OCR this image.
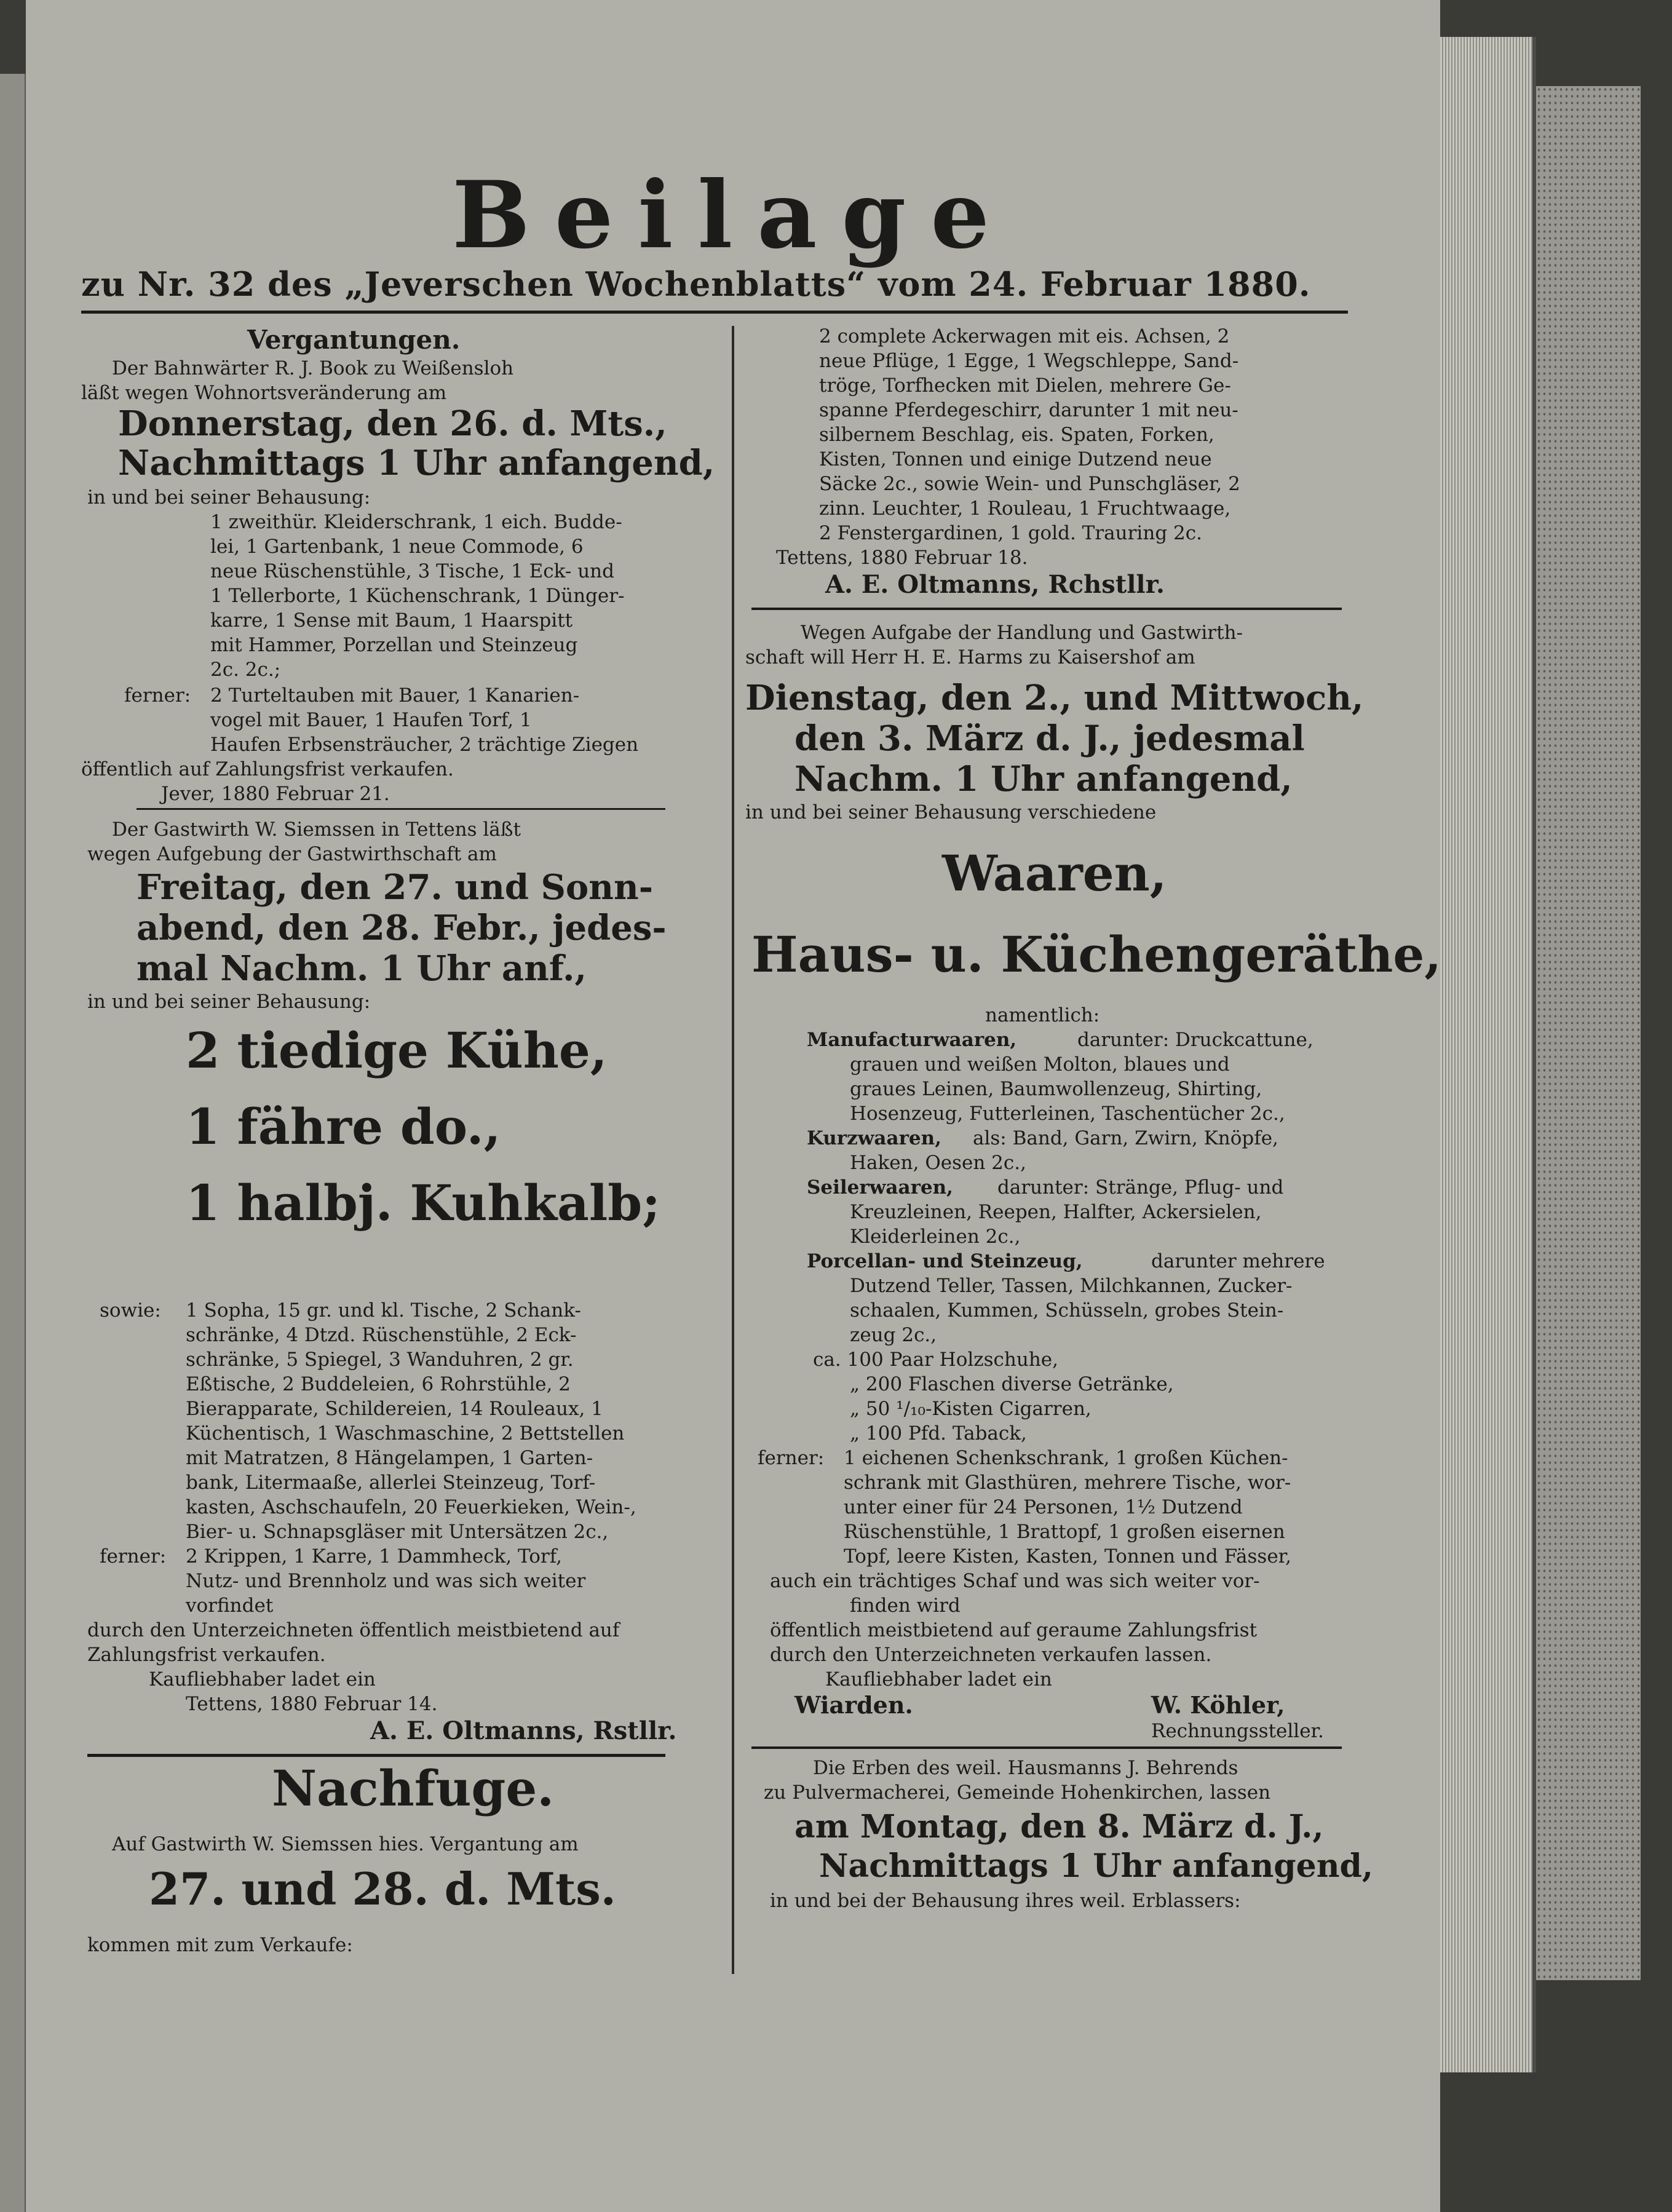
Beilage
zu Nr. 32 des „Jeverschen Wochenblatts“ vom 24. Februar 1880.
Vergantungen.
Der Bahnwärter R. J. Book zu Weißensloh
läßt wegen Wohnortsveränderung am
Donnerstag, den 26. d. Mts.,
Nachmittags 1 Uhr anfangend,
in und bei seiner Behausung:
1 zweithür. Kleiderschrank, 1 eich. Budde-
lei, 1 Gartenbank, 1 neue Commode, 6
neue Rüschenstühle, 3 Tische, 1 Eck- und
1 Tellerborte, 1 Küchenschrank, 1 Dünger-
karre, 1 Sense mit Baum, 1 Haarspitt
mit Hammer, Porzellan und Steinzeug
2c. 2c.;
ferner: 2 Turteltauben mit Bauer, 1 Kanarien-
vogel mit Bauer, 1 Haufen Torf, 1
Haufen Erbsensträucher, 2 trächtige Ziegen
öffentlich auf Zahlungsfrist verkaufen.
Jever, 1880 Februar 21.
Der Gastwirth W. Siemssen in Tettens läßt
wegen Aufgebung der Gastwirthschaft am
Freitag, den 27. und Sonn-
abend, den 28. Febr., jedes-
mal Nachm. 1 Uhr anf.,
in und bei seiner Behausung:
2 tiedige Kühe,
1 fähre do.,
1 halbj. Kuhkalb;
sowie: 1 Sopha, 15 gr. und kl. Tische, 2 Schank-
schränke, 4 Dtzd. Rüschenstühle, 2 Eck-
schränke, 5 Spiegel, 3 Wanduhren, 2 gr.
Eßtische, 2 Buddeleien, 6 Rohrstühle, 2
Bierapparate, Schildereien, 14 Rouleaux, 1
Küchentisch, 1 Waschmaschine, 2 Bettstellen
mit Matratzen, 8 Hängelampen, 1 Garten-
bank, Litermaaße, allerlei Steinzeug, Torf-
kasten, Aschschaufeln, 20 Feuerkieken, Wein-,
Bier- u. Schnapsgläser mit Untersätzen 2c.,
ferner: 2 Krippen, 1 Karre, 1 Dammheck, Torf,
Nutz- und Brennholz und was sich weiter
vorfindet
durch den Unterzeichneten öffentlich meistbietend auf
Zahlungsfrist verkaufen.
Kaufliebhaber ladet ein
Tettens, 1880 Februar 14.
A. E. Oltmanns, Rstllr.
Nachfuge.
Auf Gastwirth W. Siemssen hies. Vergantung am
27. und 28. d. Mts.
kommen mit zum Verkaufe:
2 complete Ackerwagen mit eis. Achsen, 2
neue Pflüge, 1 Egge, 1 Wegschleppe, Sand-
tröge, Torfhecken mit Dielen, mehrere Ge-
spanne Pferdegeschirr, darunter 1 mit neu-
silbernem Beschlag, eis. Spaten, Forken,
Kisten, Tonnen und einige Dutzend neue
Säcke 2c., sowie Wein- und Punschgläser, 2
zinn. Leuchter, 1 Rouleau, 1 Fruchtwaage,
2 Fenstergardinen, 1 gold. Trauring 2c.
Tettens, 1880 Februar 18.
A. E. Oltmanns, Rchstllr.
Wegen Aufgabe der Handlung und Gastwirth-
schaft will Herr H. E. Harms zu Kaisershof am
Dienstag, den 2., und Mittwoch,
den 3. März d. J., jedesmal
Nachm. 1 Uhr anfangend,
in und bei seiner Behausung verschiedene
Waaren,
Haus- u. Küchengeräthe,
namentlich:
Manufacturwaaren,	darunter: Druckcattune,
grauen und weißen Molton, blaues und
graues Leinen, Baumwollenzeug, Shirting,
Hosenzeug, Futterleinen, Taschentücher 2c.,
Kurzwaaren, als: Band, Garn, Zwirn, Knöpfe,
Haken, Oesen 2c.,
Seilerwaaren, darunter: Stränge, Pflug- und
Kreuzleinen, Reepen, Halfter, Ackersielen,
Kleiderleinen 2c.,
Porcellan- und Steinzeug,	darunter mehrere
Dutzend Teller, Tassen, Milchkannen, Zucker-
schaalen, Kummen, Schüsseln, grobes Stein-
zeug 2c.,
ca. 100 Paar Holzschuhe,
„ 200 Flaschen diverse Getränke,
„ 50 ¹/₁₀-Kisten Cigarren,
„ 100 Pfd. Taback,
ferner: 1 eichenen Schenkschrank, 1 großen Küchen-
schrank mit Glasthüren, mehrere Tische, wor-
unter einer für 24 Personen, 1½ Dutzend
Rüschenstühle, 1 Brattopf, 1 großen eisernen
Topf, leere Kisten, Kasten, Tonnen und Fässer,
auch ein trächtiges Schaf und was sich weiter vor-
finden wird
öffentlich meistbietend auf geraume Zahlungsfrist
durch den Unterzeichneten verkaufen lassen.
Kaufliebhaber ladet ein
Wiarden.	W. Köhler,
Rechnungssteller.
Die Erben des weil. Hausmanns J. Behrends
zu Pulvermacherei, Gemeinde Hohenkirchen, lassen
am Montag, den 8. März d. J.,
Nachmittags 1 Uhr anfangend,
in und bei der Behausung ihres weil. Erblassers:
